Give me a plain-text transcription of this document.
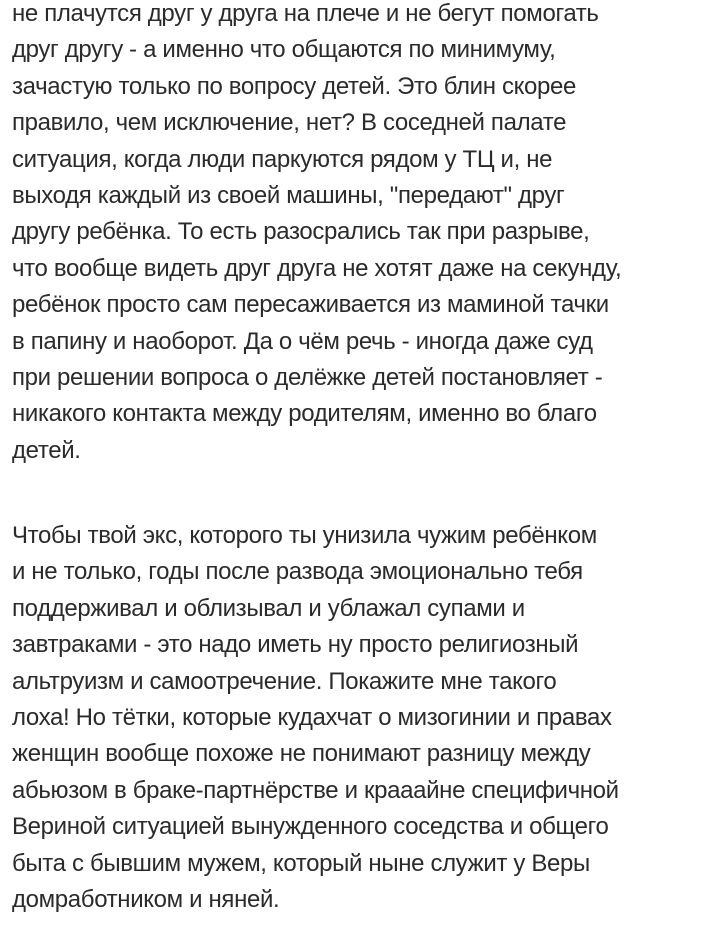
не плачутся друг у друга на плече и не бегут помогать
друг другу - а именно что общаются по минимуму,
зачастую только по вопросу детей. Это блин скорее
правило, чем исключение, нет? В соседней палате
ситуация, когда люди паркуются рядом у ТЦ и, не
выходя каждый из своей машины, "передают" друг
другу ребёнка. То есть разосрались так при разрыве,
что вообще видеть друг друга не хотят даже на секунду,
ребёнок просто сам пересаживается из маминой тачки
в папину и наоборот. Да о чём речь - иногда даже суд
при решении вопроса о делёжке детей постановляет -
никакого контакта между родителям, именно во благо
детей.
Чтобы твой экс, которого ты унизила чужим ребёнком
и не только, годы после развода эмоционально тебя
поддерживал и облизывал и ублажал супами и
завтраками - это надо иметь ну просто религиозный
альтруизм и самоотречение. Покажите мне такого
лоха! Но тётки, которые кудахчат о мизогинии и правах
женщин вообще похоже не понимают разницу между
абьюзом в браке-партнёрстве и крааайне специфичной
Вериной ситуацией вынужденного соседства и общего
быта с бывшим мужем, который ныне служит у Веры
домработником и няней.
